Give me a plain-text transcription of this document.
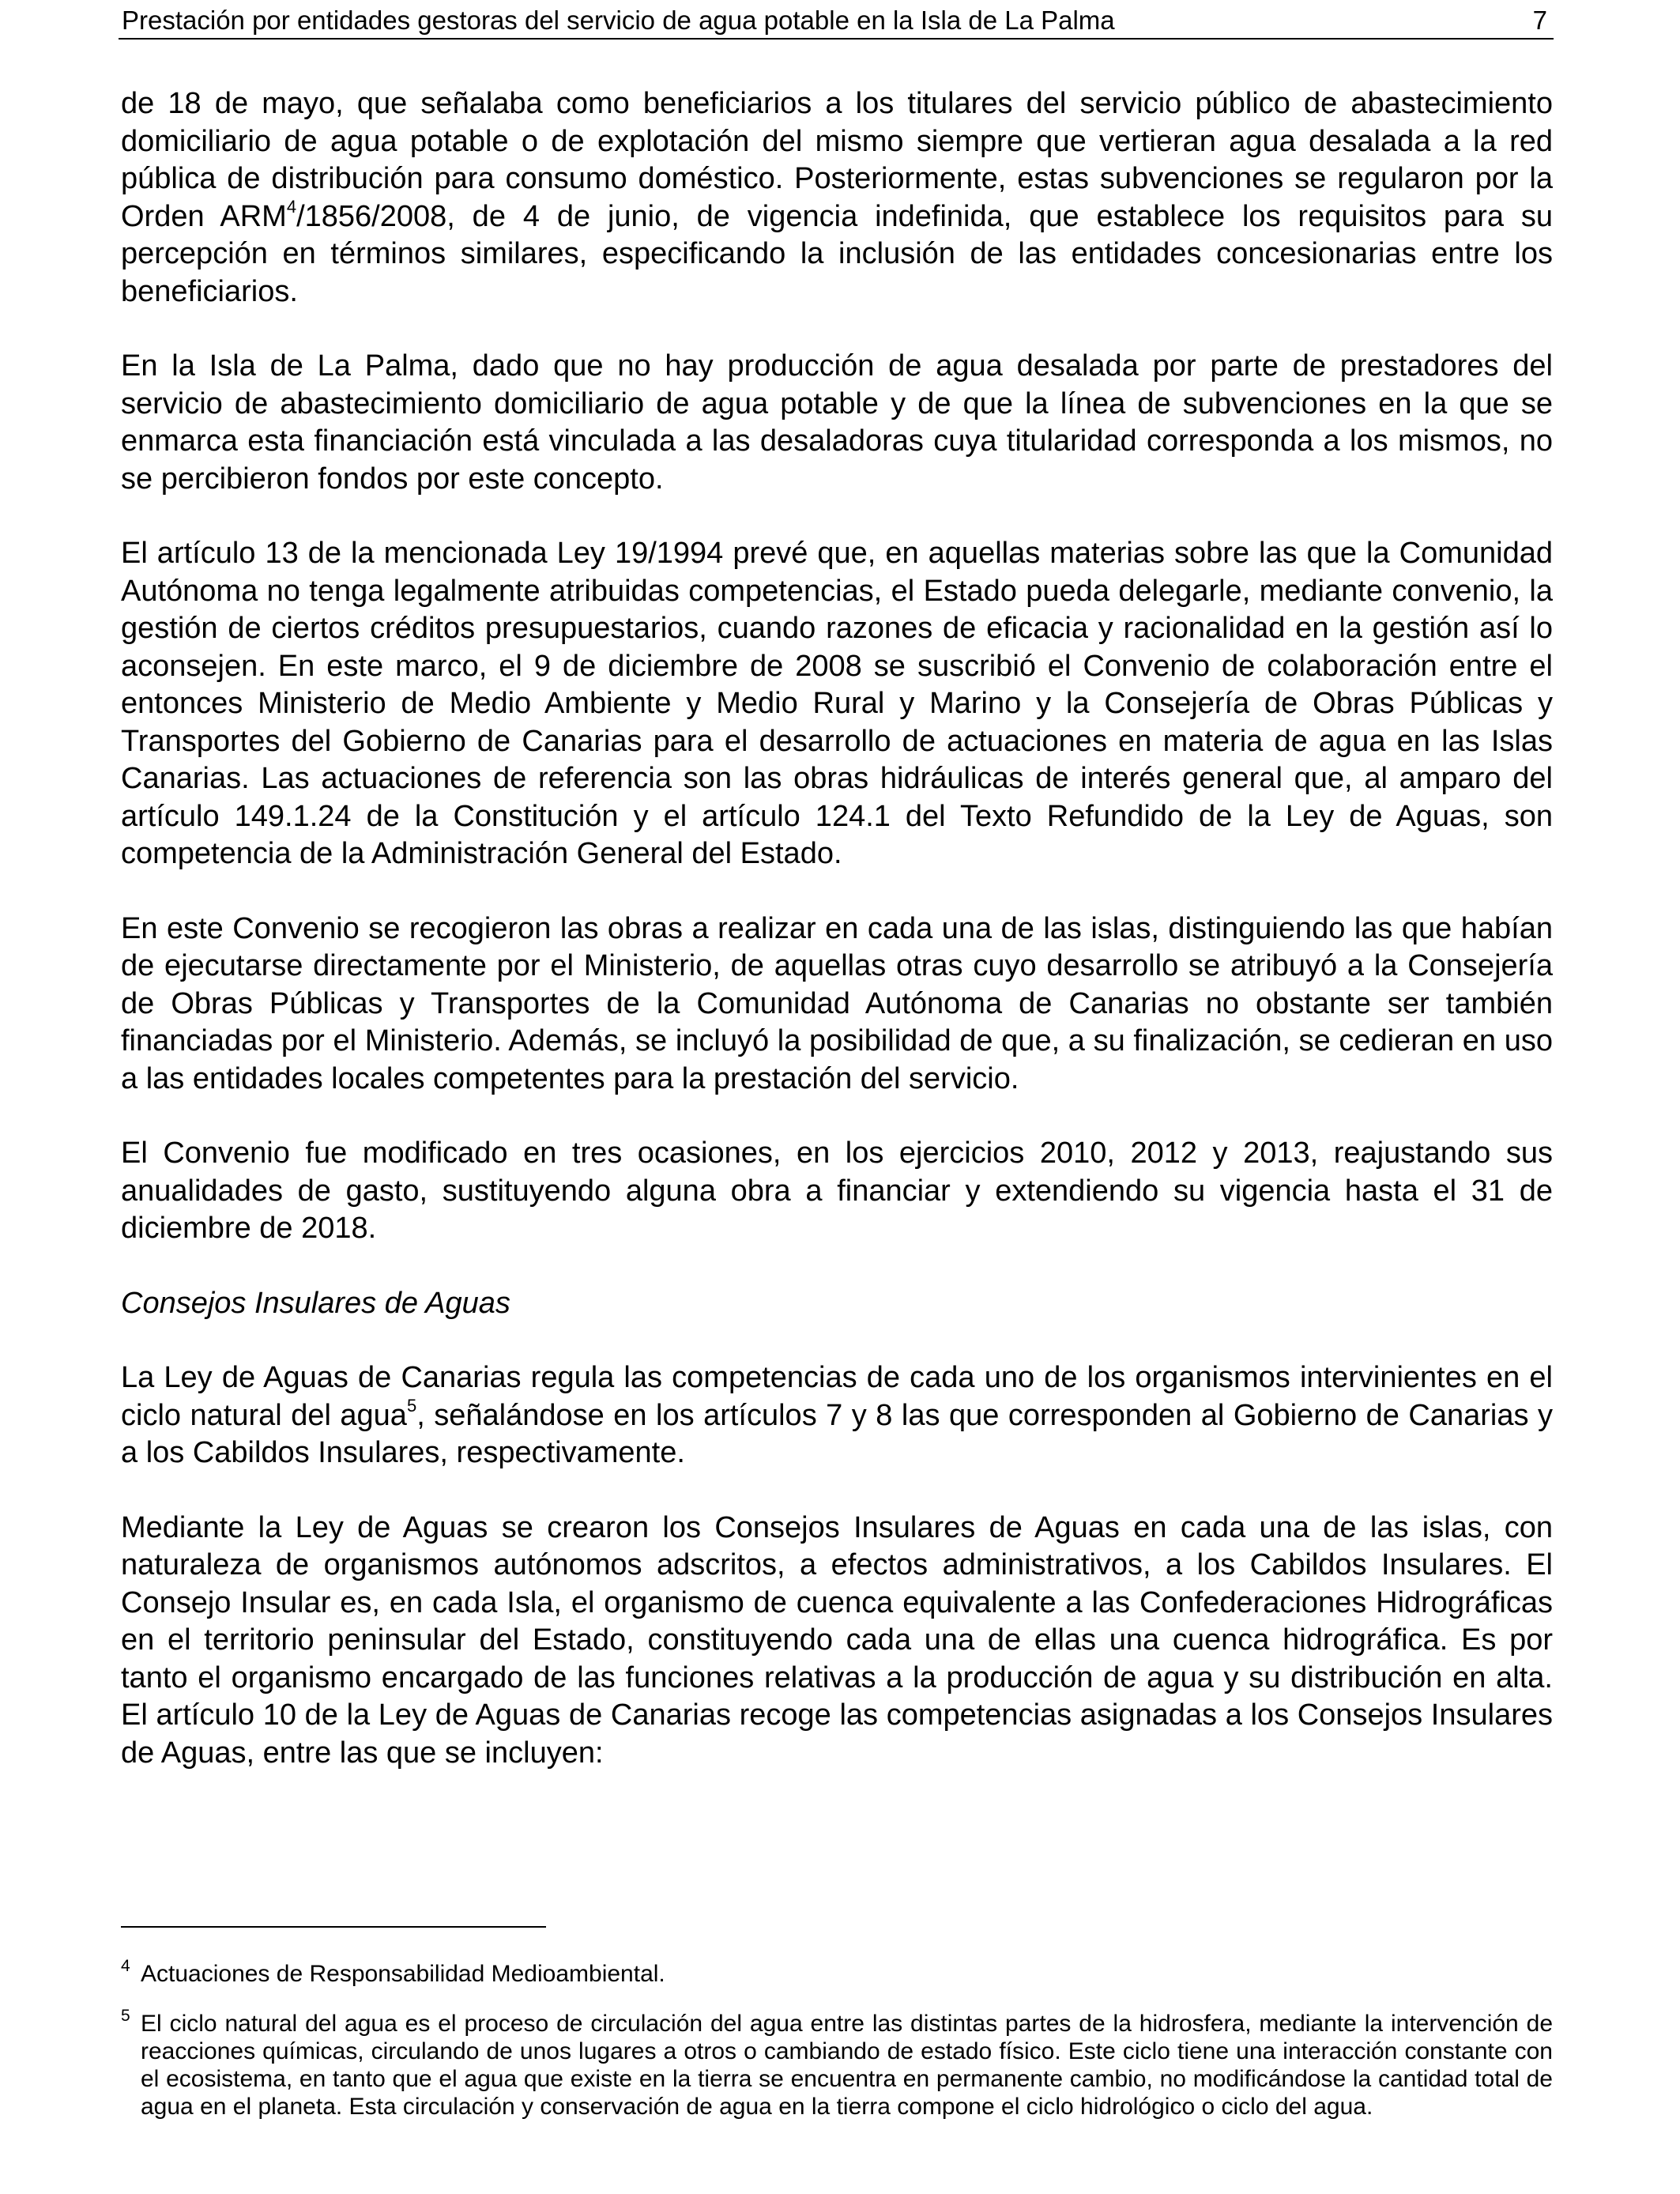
Prestación por entidades gestoras del servicio de agua potable en la Isla de La Palma	7

de 18 de mayo, que señalaba como beneficiarios a los titulares del servicio público de abastecimiento domiciliario de agua potable o de explotación del mismo siempre que vertieran agua desalada a la red pública de distribución para consumo doméstico. Posteriormente, estas subvenciones se regularon por la Orden ARM$^4$/1856/2008, de 4 de junio, de vigencia indefinida, que establece los requisitos para su percepción en términos similares, especificando la inclusión de las entidades concesionarias entre los beneficiarios.

En la Isla de La Palma, dado que no hay producción de agua desalada por parte de prestadores del servicio de abastecimiento domiciliario de agua potable y de que la línea de subvenciones en la que se enmarca esta financiación está vinculada a las desaladoras cuya titularidad corresponda a los mismos, no se percibieron fondos por este concepto.

El artículo 13 de la mencionada Ley 19/1994 prevé que, en aquellas materias sobre las que la Comunidad Autónoma no tenga legalmente atribuidas competencias, el Estado pueda delegarle, mediante convenio, la gestión de ciertos créditos presupuestarios, cuando razones de eficacia y racionalidad en la gestión así lo aconsejen. En este marco, el 9 de diciembre de 2008 se suscribió el Convenio de colaboración entre el entonces Ministerio de Medio Ambiente y Medio Rural y Marino y la Consejería de Obras Públicas y Transportes del Gobierno de Canarias para el desarrollo de actuaciones en materia de agua en las Islas Canarias. Las actuaciones de referencia son las obras hidráulicas de interés general que, al amparo del artículo 149.1.24 de la Constitución y el artículo 124.1 del Texto Refundido de la Ley de Aguas, son competencia de la Administración General del Estado.

En este Convenio se recogieron las obras a realizar en cada una de las islas, distinguiendo las que habían de ejecutarse directamente por el Ministerio, de aquellas otras cuyo desarrollo se atribuyó a la Consejería de Obras Públicas y Transportes de la Comunidad Autónoma de Canarias no obstante ser también financiadas por el Ministerio. Además, se incluyó la posibilidad de que, a su finalización, se cedieran en uso a las entidades locales competentes para la prestación del servicio.

El Convenio fue modificado en tres ocasiones, en los ejercicios 2010, 2012 y 2013, reajustando sus anualidades de gasto, sustituyendo alguna obra a financiar y extendiendo su vigencia hasta el 31 de diciembre de 2018.

Consejos Insulares de Aguas

La Ley de Aguas de Canarias regula las competencias de cada uno de los organismos intervinientes en el ciclo natural del agua$^5$, señalándose en los artículos 7 y 8 las que corresponden al Gobierno de Canarias y a los Cabildos Insulares, respectivamente.

Mediante la Ley de Aguas se crearon los Consejos Insulares de Aguas en cada una de las islas, con naturaleza de organismos autónomos adscritos, a efectos administrativos, a los Cabildos Insulares. El Consejo Insular es, en cada Isla, el organismo de cuenca equivalente a las Confederaciones Hidrográficas en el territorio peninsular del Estado, constituyendo cada una de ellas una cuenca hidrográfica. Es por tanto el organismo encargado de las funciones relativas a la producción de agua y su distribución en alta. El artículo 10 de la Ley de Aguas de Canarias recoge las competencias asignadas a los Consejos Insulares de Aguas, entre las que se incluyen:

4 Actuaciones de Responsabilidad Medioambiental.
5 El ciclo natural del agua es el proceso de circulación del agua entre las distintas partes de la hidrosfera, mediante la intervención de reacciones químicas, circulando de unos lugares a otros o cambiando de estado físico. Este ciclo tiene una interacción constante con el ecosistema, en tanto que el agua que existe en la tierra se encuentra en permanente cambio, no modificándose la cantidad total de agua en el planeta. Esta circulación y conservación de agua en la tierra compone el ciclo hidrológico o ciclo del agua.
